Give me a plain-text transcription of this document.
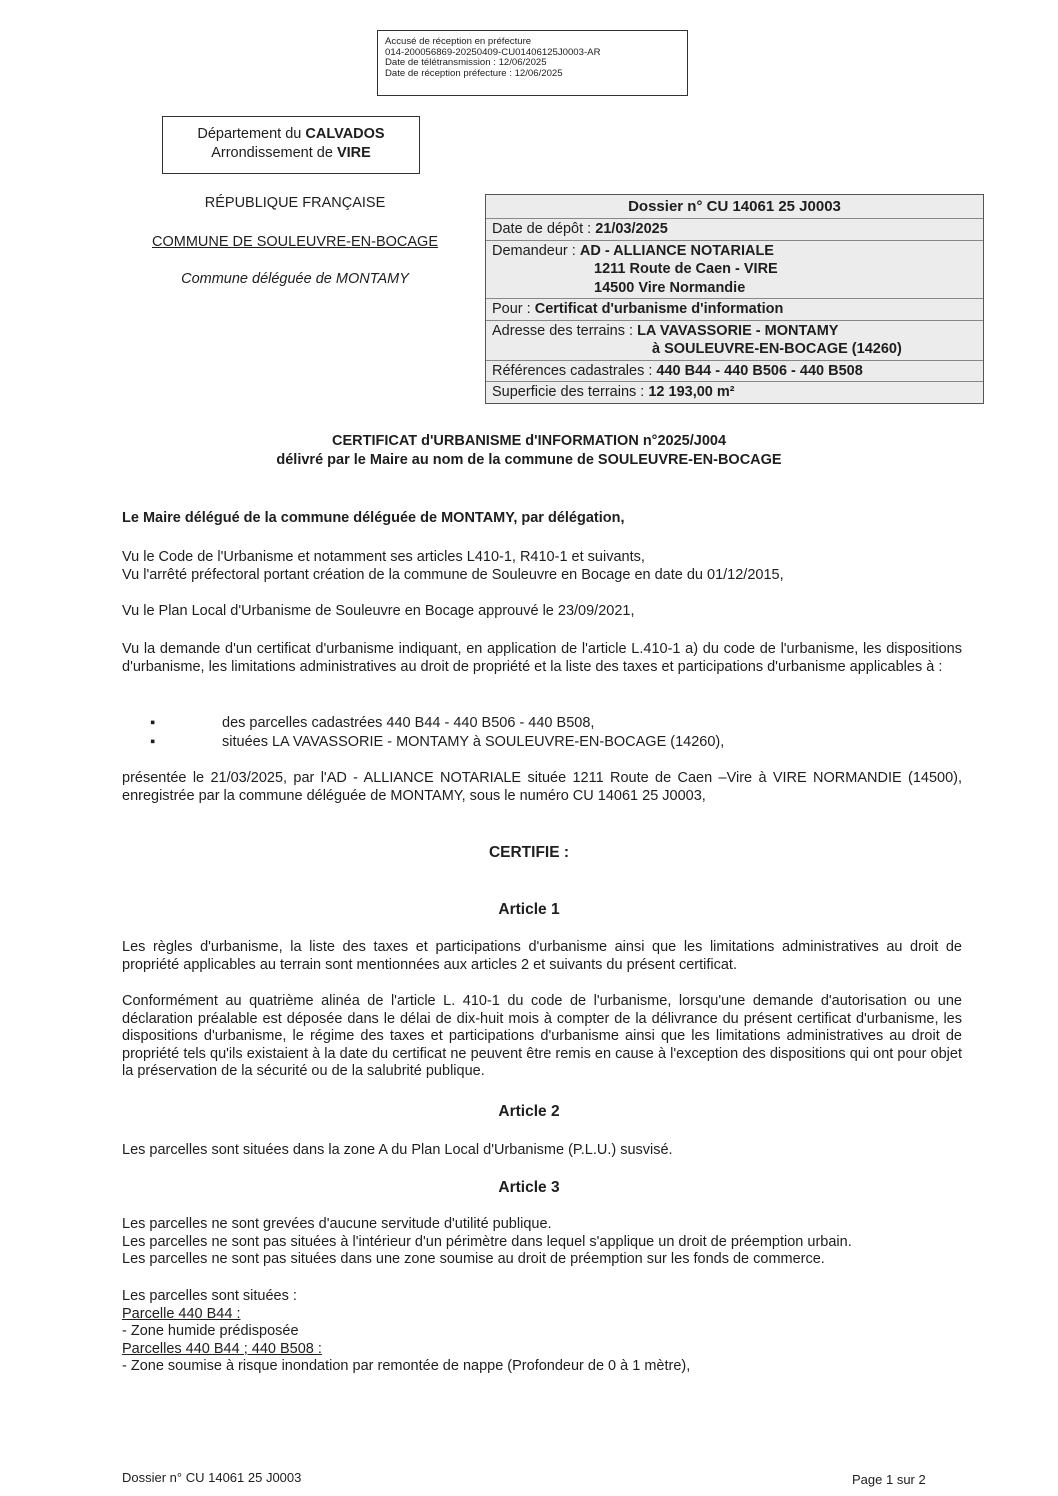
Accusé de réception en préfecture
014-200056869-20250409-CU01406125J0003-AR
Date de télétransmission : 12/06/2025
Date de réception préfecture : 12/06/2025
Département du CALVADOS
Arrondissement de VIRE
RÉPUBLIQUE FRANÇAISE
COMMUNE DE SOULEUVRE-EN-BOCAGE
Commune déléguée de MONTAMY
Dossier n° CU 14061 25 J0003
Date de dépôt : 21/03/2025
Demandeur : AD - ALLIANCE NOTARIALE
1211 Route de Caen - VIRE
14500 Vire Normandie
Pour : Certificat d'urbanisme d'information
Adresse des terrains : LA VAVASSORIE - MONTAMY
à SOULEUVRE-EN-BOCAGE (14260)
Références cadastrales : 440 B44 - 440 B506 - 440 B508
Superficie des terrains : 12 193,00 m²
CERTIFICAT d'URBANISME d'INFORMATION n°2025/J004
délivré par le Maire au nom de la commune de SOULEUVRE-EN-BOCAGE
Le Maire délégué de la commune déléguée de MONTAMY, par délégation,
Vu le Code de l'Urbanisme et notamment ses articles L410-1, R410-1 et suivants,
Vu l'arrêté préfectoral portant création de la commune de Souleuvre en Bocage en date du 01/12/2015,
Vu le Plan Local d'Urbanisme de Souleuvre en Bocage approuvé le 23/09/2021,
Vu la demande d'un certificat d'urbanisme indiquant, en application de l'article L.410-1 a) du code de l'urbanisme, les dispositions d'urbanisme, les limitations administratives au droit de propriété et la liste des taxes et participations d'urbanisme applicables à :
▪	des parcelles cadastrées 440 B44 - 440 B506 - 440 B508,
▪	situées LA VAVASSORIE - MONTAMY à SOULEUVRE-EN-BOCAGE (14260),
présentée le 21/03/2025, par l'AD - ALLIANCE NOTARIALE située 1211 Route de Caen –Vire à VIRE NORMANDIE (14500), enregistrée par la commune déléguée de MONTAMY, sous le numéro CU 14061 25 J0003,
CERTIFIE :
Article 1
Les règles d'urbanisme, la liste des taxes et participations d'urbanisme ainsi que les limitations administratives au droit de propriété applicables au terrain sont mentionnées aux articles 2 et suivants du présent certificat.
Conformément au quatrième alinéa de l'article L. 410-1 du code de l'urbanisme, lorsqu'une demande d'autorisation ou une déclaration préalable est déposée dans le délai de dix-huit mois à compter de la délivrance du présent certificat d'urbanisme, les dispositions d'urbanisme, le régime des taxes et participations d'urbanisme ainsi que les limitations administratives au droit de propriété tels qu'ils existaient à la date du certificat ne peuvent être remis en cause à l'exception des dispositions qui ont pour objet la préservation de la sécurité ou de la salubrité publique.
Article 2
Les parcelles sont situées dans la zone A du Plan Local d'Urbanisme (P.L.U.) susvisé.
Article 3
Les parcelles ne sont grevées d'aucune servitude d'utilité publique.
Les parcelles ne sont pas situées à l'intérieur d'un périmètre dans lequel s'applique un droit de préemption urbain.
Les parcelles ne sont pas situées dans une zone soumise au droit de préemption sur les fonds de commerce.
Les parcelles sont situées :
Parcelle 440 B44 :
- Zone humide prédisposée
Parcelles 440 B44 ; 440 B508 :
- Zone soumise à risque inondation par remontée de nappe (Profondeur de 0 à 1 mètre),
Dossier n° CU 14061 25 J0003	Page 1 sur 2
